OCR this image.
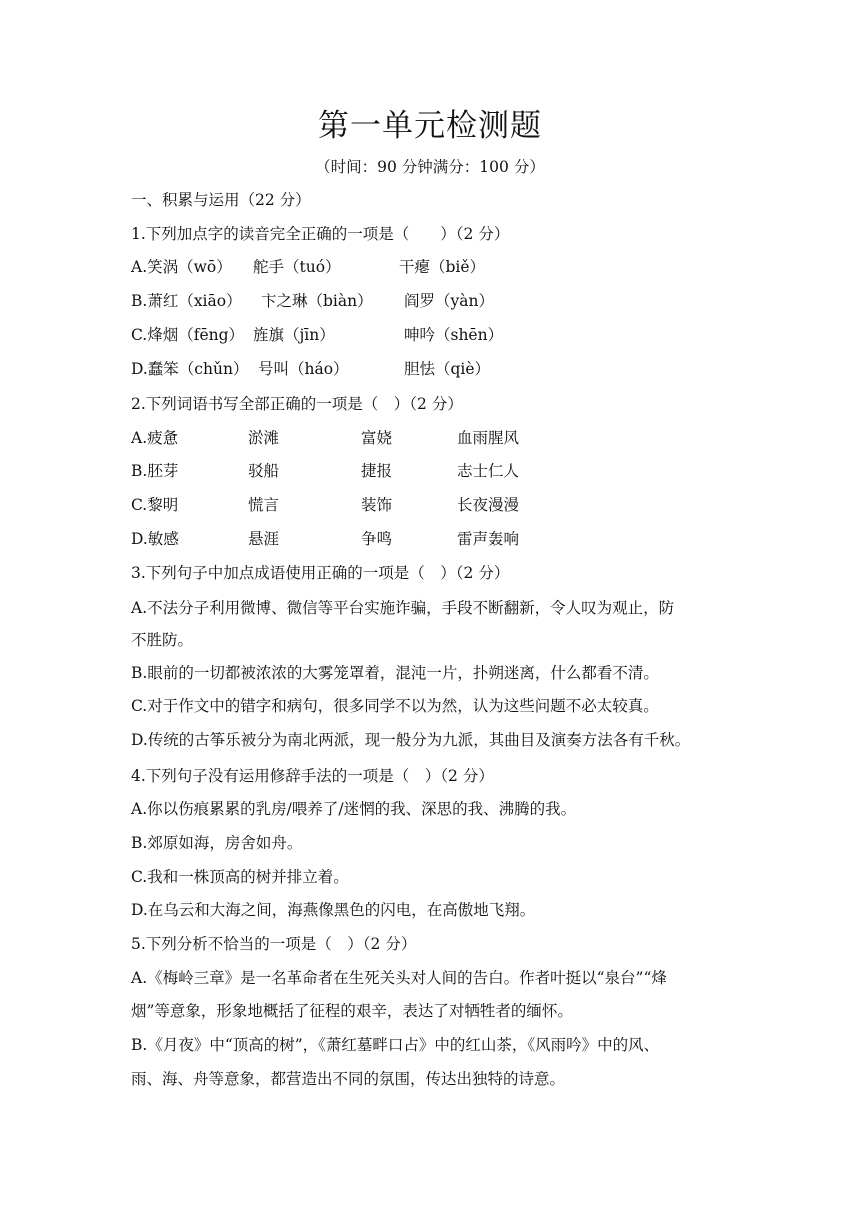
第一单元检测题
（时间：90 分钟满分：100 分）
一、积累与运用（22 分）
1.下列加点字的读音完全正确的一项是（　　）（2 分）
A.笑涡（wō） 舵手（tuó）	干瘪（biě）
B.萧红（xiāo） 卞之琳（biàn） 阎罗（yàn）
C.烽烟（fēng） 旌旗（jīn）	呻吟（shēn）
D.蠢笨（chǔn） 号叫（háo）	胆怯（qiè）
2.下列词语书写全部正确的一项是（　）（2 分）
A.疲惫	淤滩	富娆	血雨腥风
B.胚芽	驳船	捷报	志士仁人
C.黎明	慌言	装饰	长夜漫漫
D.敏感	悬涯	争鸣	雷声轰响
3.下列句子中加点成语使用正确的一项是（　）（2 分）
A.不法分子利用微博、微信等平台实施诈骗，手段不断翻新，令人叹为观止，防
不胜防。
B.眼前的一切都被浓浓的大雾笼罩着，混沌一片，扑朔迷离，什么都看不清。
C.对于作文中的错字和病句，很多同学不以为然，认为这些问题不必太较真。
D.传统的古筝乐被分为南北两派，现一般分为九派，其曲目及演奏方法各有千秋。
4.下列句子没有运用修辞手法的一项是（　）（2 分）
A.你以伤痕累累的乳房/喂养了/迷惘的我、深思的我、沸腾的我。
B.郊原如海，房舍如舟。
C.我和一株顶高的树并排立着。
D.在乌云和大海之间，海燕像黑色的闪电，在高傲地飞翔。
5.下列分析不恰当的一项是（　）（2 分）
A.《梅岭三章》是一名革命者在生死关头对人间的告白。作者叶挺以“泉台”“烽
烟”等意象，形象地概括了征程的艰辛，表达了对牺牲者的缅怀。
B.《月夜》中“顶高的树”，《萧红墓畔口占》中的红山茶，《风雨吟》中的风、
雨、海、舟等意象，都营造出不同的氛围，传达出独特的诗意。
